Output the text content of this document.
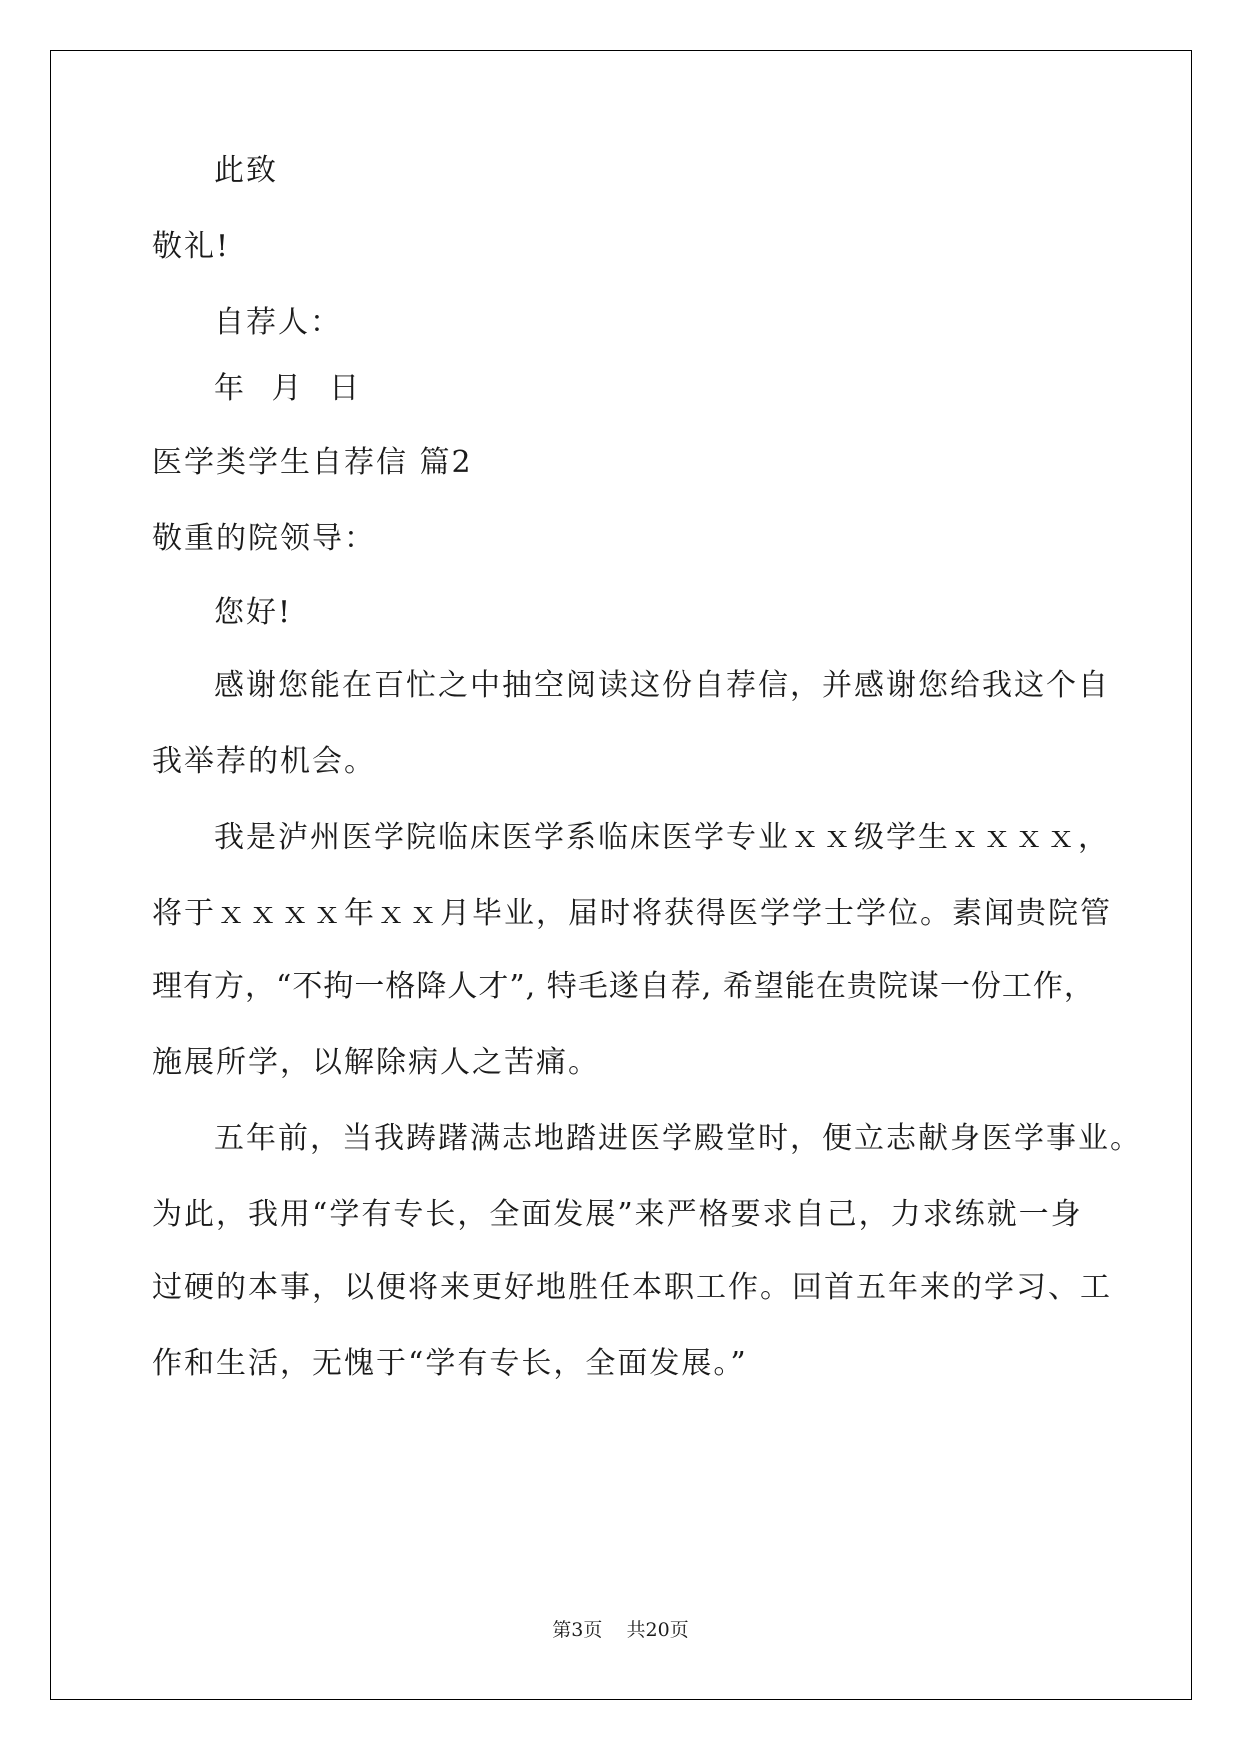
此致
敬礼!
自荐人：
年 月 日
医学类学生自荐信 篇2
敬重的院领导：
您好!
感谢您能在百忙之中抽空阅读这份自荐信，并感谢您给我这个自
我举荐的机会。
我是泸州医学院临床医学系临床医学专业ｘｘ级学生ｘｘｘｘ，
将于ｘｘｘｘ年ｘｘ月毕业，届时将获得医学学士学位。素闻贵院管
理有方，“不拘一格降人才”, 特毛遂自荐, 希望能在贵院谋一份工作，
施展所学，以解除病人之苦痛。
五年前，当我踌躇满志地踏进医学殿堂时，便立志献身医学事业。
为此，我用“学有专长，全面发展”来严格要求自己，力求练就一身
过硬的本事，以便将来更好地胜任本职工作。回首五年来的学习、工
作和生活，无愧于“学有专长，全面发展。”
第3页    共20页
